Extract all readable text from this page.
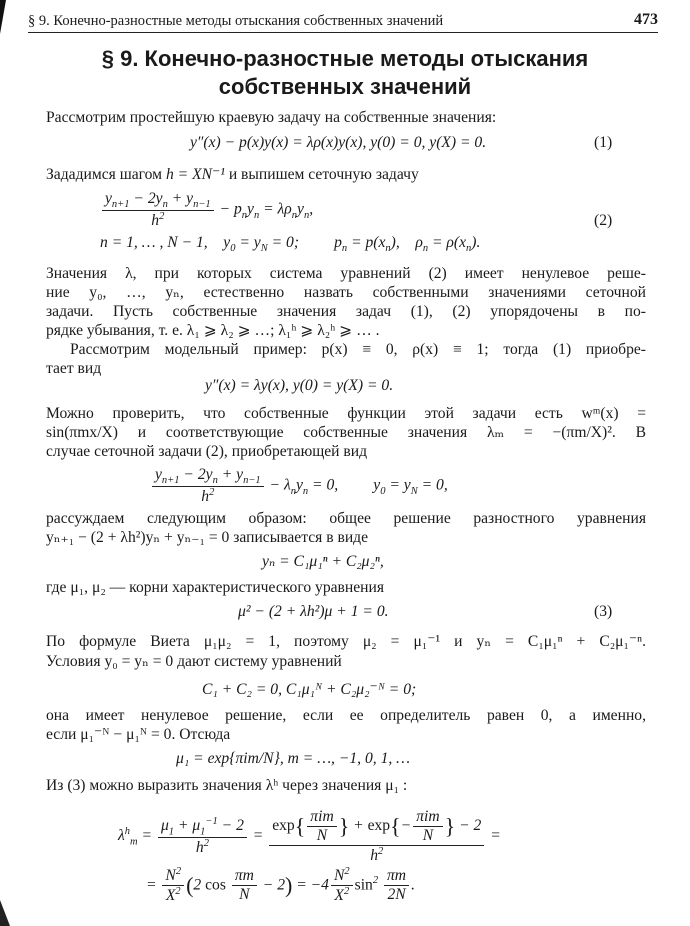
§ 9. Конечно-разностные методы отыскания собственных значений	473
§ 9. Конечно-разностные методы отыскания
собственных значений
Рассмотрим простейшую краевую задачу на собственные значения:
y″(x) − p(x)y(x) = λρ(x)y(x), y(0) = 0, y(X) = 0.	(1)
Зададимся шагом h = XN⁻¹ и выпишем сеточную задачу
$\frac{y_{n+1} - 2y_n + y_{n-1}}{h^2} - p_ny_n = \lambda\rho_ny_n$,
n = 1, … , N − 1,    $y_0 = y_N = 0$;         $p_n = p(x_n)$,    $\rho_n = \rho(x_n)$.
(2)
Значения λ, при которых система уравнений (2) имеет ненулевое реше-
ние y₀, …, yₙ, естественно назвать собственными значениями сеточной
задачи. Пусть собственные значения задач (1), (2) упорядочены в по-
рядке убывания, т. е. λ₁ ⩾ λ₂ ⩾ …; λ₁ʰ ⩾ λ₂ʰ ⩾ … .
Рассмотрим модельный пример: p(x) ≡ 0, ρ(x) ≡ 1; тогда (1) приобре-
тает вид
y″(x) = λy(x), y(0) = y(X) = 0.
Можно проверить, что собственные функции этой задачи есть wᵐ(x) =
sin(πmx/X) и соответствующие собственные значения λₘ = −(πm/X)². В
случае сеточной задачи (2), приобретающей вид
$\frac{y_{n+1} - 2y_n + y_{n-1}}{h^2} - \lambda_ny_n = 0$,         $y_0 = y_N = 0$,
рассуждаем следующим образом: общее решение разностного уравнения
yₙ₊₁ − (2 + λh²)yₙ + yₙ₋₁ = 0 записывается в виде
yₙ = C₁μ₁ⁿ + C₂μ₂ⁿ,
где μ₁, μ₂ — корни характеристического уравнения
μ² − (2 + λh²)μ + 1 = 0.	(3)
По формуле Виета μ₁μ₂ = 1, поэтому μ₂ = μ₁⁻¹ и yₙ = C₁μ₁ⁿ + C₂μ₁⁻ⁿ.
Условия y₀ = yₙ = 0 дают систему уравнений
C₁ + C₂ = 0, C₁μ₁ᴺ + C₂μ₂⁻ᴺ = 0;
она имеет ненулевое решение, если ее определитель равен 0, а именно,
если μ₁⁻ᴺ − μ₁ᴺ = 0. Отсюда
μ₁ = exp{πim/N}, m = …, −1, 0, 1, …
Из (3) можно выразить значения λʰ через значения μ₁ :
$\lambda^h_m = \frac{\mu_1 + \mu_1^{-1} - 2}{h^2} = \frac{\exp\{ \frac{\text{πim}}{N} \} + \exp\{- \frac{\text{πim}}{N} \} - 2}{h^2}$ =
= $\frac{N^2}{X^2} (2$ $\cos \frac{\pi m}{N} - 2) = -4 \frac{N^2}{X^2} \sin^2 \frac{\pi m}{2N}$ .
